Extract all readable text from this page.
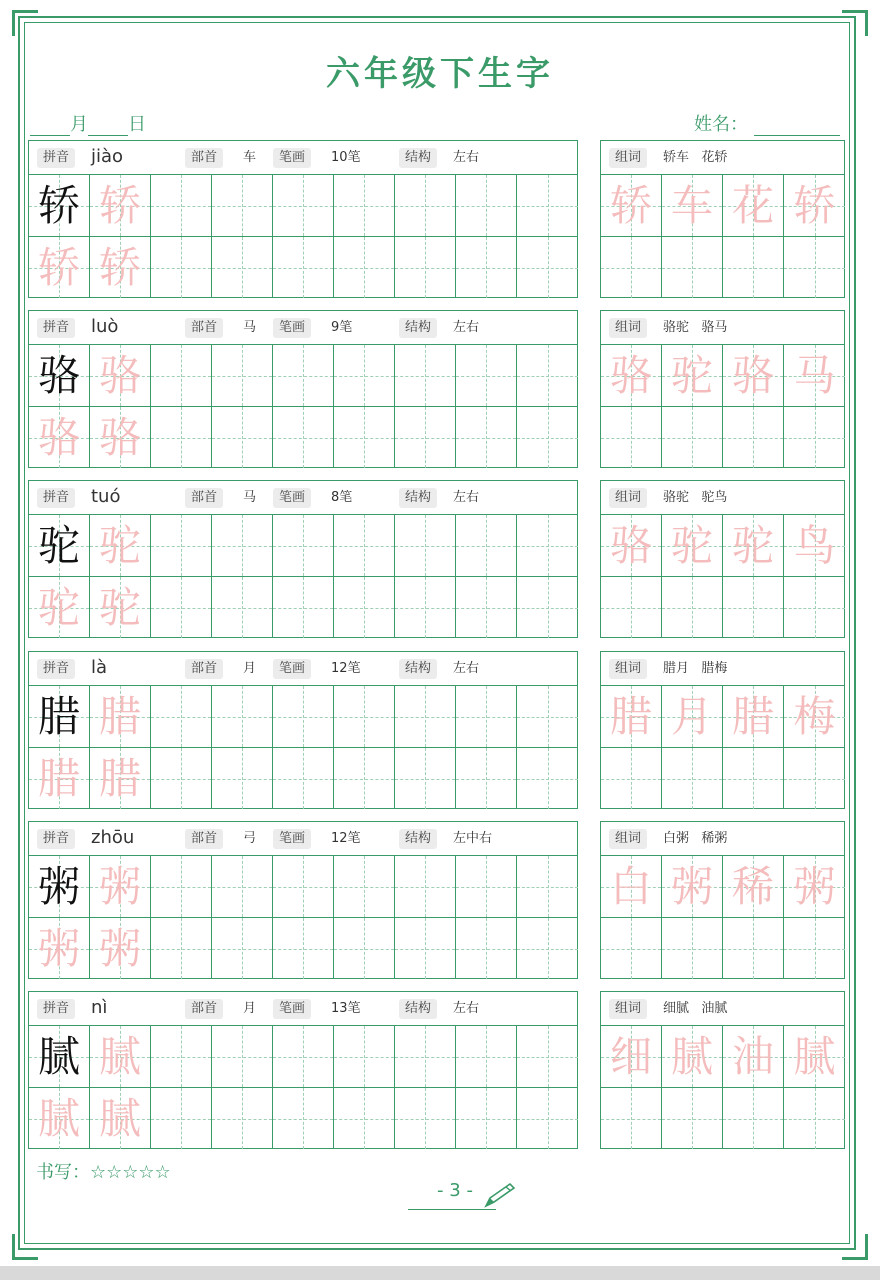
六年级下生字
月 日	姓名：
拼音	jiào	部首	车	笔画	10笔	结构	左右
轿 轿
轿 轿
组词	轿车   花轿
轿 车 花 轿
拼音	luò	部首	马	笔画	9笔	结构	左右
骆 骆
骆 骆
组词	骆驼   骆马
骆 驼 骆 马
拼音	tuó	部首	马	笔画	8笔	结构	左右
驼 驼
驼 驼
组词	骆驼   驼鸟
骆 驼 驼 鸟
拼音	là	部首	月	笔画	12笔	结构	左右
腊 腊
腊 腊
组词	腊月   腊梅
腊 月 腊 梅
拼音	zhōu	部首	弓	笔画	12笔	结构	左中右
粥 粥
粥 粥
组词	白粥   稀粥
白 粥 稀 粥
拼音	nì	部首	月	笔画	13笔	结构	左右
腻 腻
腻 腻
组词	细腻   油腻
细 腻 油 腻
书写：☆☆☆☆☆
- 3 -
